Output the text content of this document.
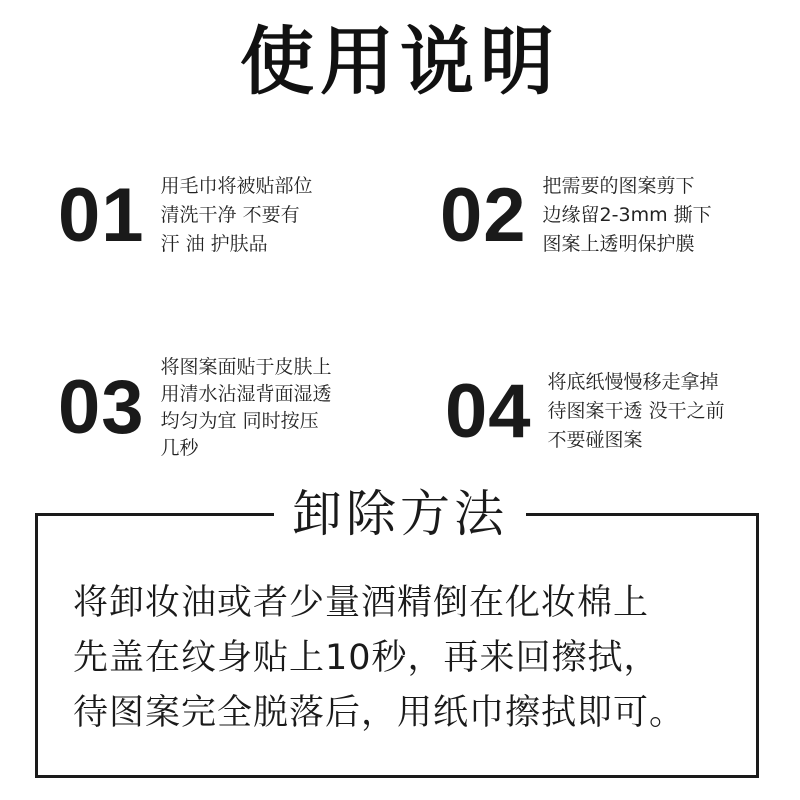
使用说明
01 用毛巾将被贴部位
清洗干净 不要有
汗 油 护肤品	02 把需要的图案剪下
边缘留2-3mm 撕下
图案上透明保护膜
03 将图案面贴于皮肤上
用清水沾湿背面湿透
均匀为宜 同时按压
几秒	04 将底纸慢慢移走拿掉
待图案干透 没干之前
不要碰图案
卸除方法
将卸妆油或者少量酒精倒在化妆棉上
先盖在纹身贴上10秒，再来回擦拭，
待图案完全脱落后，用纸巾擦拭即可。
